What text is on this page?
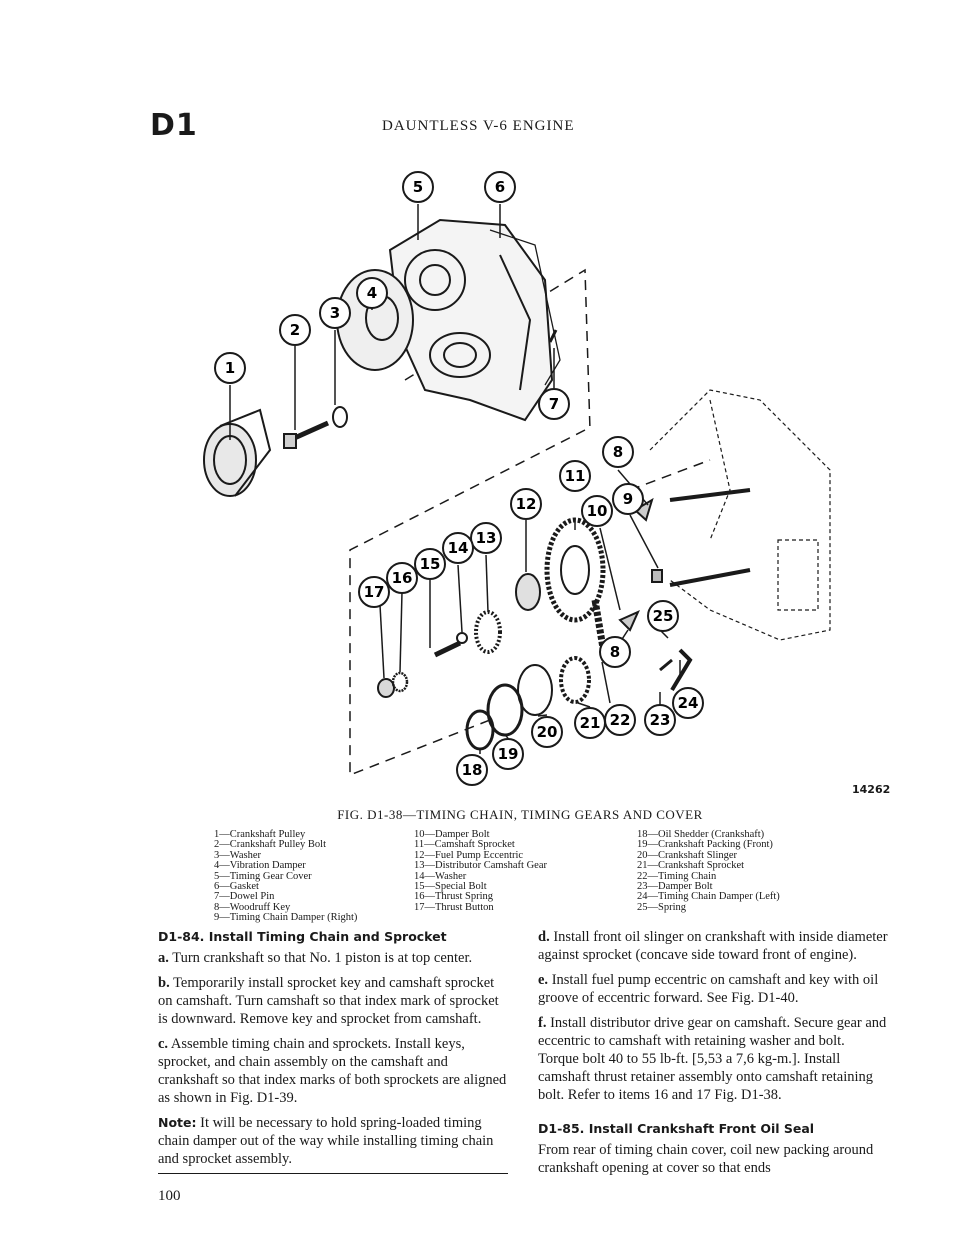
D1	DAUNTLESS V-6 ENGINE
1
2
3
4
5	6
7
8
9
10
11
12
13
14
15
16
17
18
19
20 21 22 23
24
25
8
14262
FIG. D1-38—TIMING CHAIN, TIMING GEARS AND COVER
1—Crankshaft Pulley
2—Crankshaft Pulley Bolt
3—Washer
4—Vibration Damper
5—Timing Gear Cover
6—Gasket
7—Dowel Pin
8—Woodruff Key
9—Timing Chain Damper (Right)
10—Damper Bolt
11—Camshaft Sprocket
12—Fuel Pump Eccentric
13—Distributor Camshaft Gear
14—Washer
15—Special Bolt
16—Thrust Spring
17—Thrust Button
18—Oil Shedder (Crankshaft)
19—Crankshaft Packing (Front)
20—Crankshaft Slinger
21—Crankshaft Sprocket
22—Timing Chain
23—Damper Bolt
24—Timing Chain Damper (Left)
25—Spring
D1-84. Install Timing Chain and Sprocket

a. Turn crankshaft so that No. 1 piston is at top center.

b. Temporarily install sprocket key and camshaft sprocket on camshaft. Turn camshaft so that index mark of sprocket is downward. Remove key and sprocket from camshaft.

c. Assemble timing chain and sprockets. Install keys, sprocket, and chain assembly on the camshaft and crankshaft so that index marks of both sprockets are aligned as shown in Fig. D1-39.

Note: It will be necessary to hold spring-loaded timing chain damper out of the way while installing timing chain and sprocket assembly.

d. Install front oil slinger on crankshaft with inside diameter against sprocket (concave side toward front of engine).

e. Install fuel pump eccentric on camshaft and key with oil groove of eccentric forward. See Fig. D1-40.

f. Install distributor drive gear on camshaft. Secure gear and eccentric to camshaft with retaining washer and bolt. Torque bolt 40 to 55 lb-ft. [5,53 a 7,6 kg-m.]. Install camshaft thrust retainer assembly onto camshaft retaining bolt. Refer to items 16 and 17 Fig. D1-38.

D1-85. Install Crankshaft Front Oil Seal

From rear of timing chain cover, coil new packing around crankshaft opening at cover so that ends

100
